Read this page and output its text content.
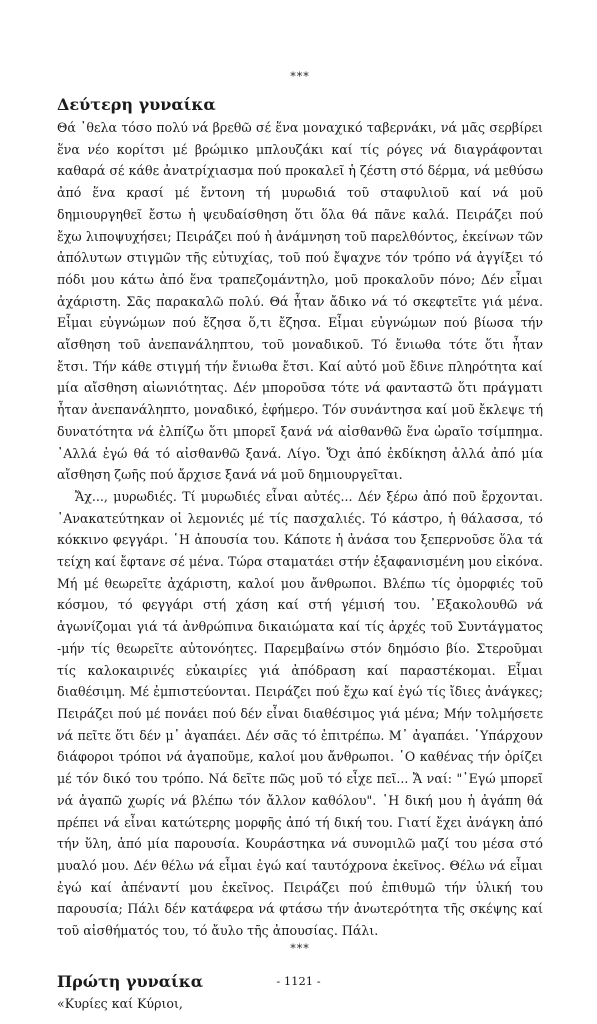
***
Δεύτερη γυναίκα

Θά ᾽θελα τόσο πολύ νά βρεθῶ σέ ἕνα μοναχικό ταβερνάκι, νά μᾶς σερβίρει ἕνα νέο κορίτσι μέ βρώμικο μπλουζάκι καί τίς ρόγες νά διαγράφονται καθαρά σέ κάθε ἀνατρίχιασμα πού προκαλεῖ ἡ ζέστη στό δέρμα, νά μεθύσω ἀπό ἕνα κρασί μέ ἔντονη τή μυρωδιά τοῦ σταφυλιοῦ καί νά μοῦ δημιουργηθεῖ ἔστω ἡ ψευδαίσθηση ὅτι ὅλα θά πᾶνε καλά. Πειράζει πού ἔχω λιποψυχήσει; Πειράζει πού ἡ ἀνάμνηση τοῦ παρελθόντος, ἐκείνων τῶν ἀπόλυτων στιγμῶν τῆς εὐτυχίας, τοῦ πού ἔψαχνε τόν τρόπο νά ἀγγίξει τό πόδι μου κάτω ἀπό ἕνα τραπεζομάντηλο, μοῦ προκαλοῦν πόνο; Δέν εἶμαι ἀχάριστη. Σᾶς παρακαλῶ πολύ. Θά ἦταν ἄδικο νά τό σκεφτεῖτε γιά μένα. Εἶμαι εὐγνώμων πού ἔζησα ὅ,τι ἔζησα. Εἶμαι εὐγνώμων πού βίωσα τήν αἴσθηση τοῦ ἀνεπανάληπτου, τοῦ μοναδικοῦ. Τό ἔνιωθα τότε ὅτι ἦταν ἔτσι. Τήν κάθε στιγμή τήν ἔνιωθα ἔτσι. Καί αὐτό μοῦ ἔδινε πληρότητα καί μία αἴσθηση αἰωνιότητας. Δέν μποροῦσα τότε νά φανταστῶ ὅτι πράγματι ἦταν ἀνεπανάληπτο, μοναδικό, ἐφήμερο. Τόν συνάντησα καί μοῦ ἔκλεψε τή δυνατότητα νά ἐλπίζω ὅτι μπορεῖ ξανά νά αἰσθανθῶ ἕνα ὡραῖο τσίμπημα. ᾽Αλλά ἐγώ θά τό αἰσθανθῶ ξανά. Λίγο. Ὄχι ἀπό ἐκδίκηση ἀλλά ἀπό μία αἴσθηση ζωῆς πού ἄρχισε ξανά νά μοῦ δημιουργεῖται.

Ἄχ..., μυρωδιές. Τί μυρωδιές εἶναι αὐτές... Δέν ξέρω ἀπό ποῦ ἔρχονται. ᾽Ανακατεύτηκαν οἱ λεμονιές μέ τίς πασχαλιές. Τό κάστρο, ἡ θάλασσα, τό κόκκινο φεγγάρι. ῾Η ἀπουσία του. Κάποτε ἡ ἀνάσα του ξεπερνοῦσε ὅλα τά τείχη καί ἔφτανε σέ μένα. Τώρα σταματάει στήν ἐξαφανισμένη μου εἰκόνα. Μή μέ θεωρεῖτε ἀχάριστη, καλοί μου ἄνθρωποι. Βλέπω τίς ὀμορφιές τοῦ κόσμου, τό φεγγάρι στή χάση καί στή γέμισή του. ᾽Εξακολουθῶ νά ἀγωνίζομαι γιά τά ἀνθρώπινα δικαιώματα καί τίς ἀρχές τοῦ Συντάγματος -μήν τίς θεωρεῖτε αὐτονόητες. Παρεμβαίνω στόν δημόσιο βίο. Στεροῦμαι τίς καλοκαιρινές εὐκαιρίες γιά ἀπόδραση καί παραστέκομαι. Εἶμαι διαθέσιμη. Μέ ἐμπιστεύονται. Πειράζει πού ἔχω καί ἐγώ τίς ἴδιες ἀνάγκες; Πειράζει πού μέ πονάει πού δέν εἶναι διαθέσιμος γιά μένα; Μήν τολμήσετε νά πεῖτε ὅτι δέν μ᾽ ἀγαπάει. Δέν σᾶς τό ἐπιτρέπω. Μ᾽ ἀγαπάει. ῾Υπάρχουν διάφοροι τρόποι νά ἀγαποῦμε, καλοί μου ἄνθρωποι. ῾Ο καθένας τήν ὁρίζει μέ τόν δικό του τρόπο. Νά δεῖτε πῶς μοῦ τό εἶχε πεῖ... Ἄ ναί: "᾽Εγώ μπορεῖ νά ἀγαπῶ χωρίς νά βλέπω τόν ἄλλον καθόλου". ῾Η δική μου ἡ ἀγάπη θά πρέπει νά εἶναι κατώτερης μορφῆς ἀπό τή δική του. Γιατί ἔχει ἀνάγκη ἀπό τήν ὕλη, ἀπό μία παρουσία. Κουράστηκα νά συνομιλῶ μαζί του μέσα στό μυαλό μου. Δέν θέλω νά εἶμαι ἐγώ καί ταυτόχρονα ἐκεῖνος. Θέλω νά εἶμαι ἐγώ καί ἀπέναντί μου ἐκεῖνος. Πειράζει πού ἐπιθυμῶ τήν ὑλική του παρουσία; Πάλι δέν κατάφερα νά φτάσω τήν ἀνωτερότητα τῆς σκέψης καί τοῦ αἰσθήματός του, τό ἄυλο τῆς ἀπουσίας. Πάλι.

***
Πρώτη γυναίκα

«Κυρίες καί Κύριοι,

- 1121 -
